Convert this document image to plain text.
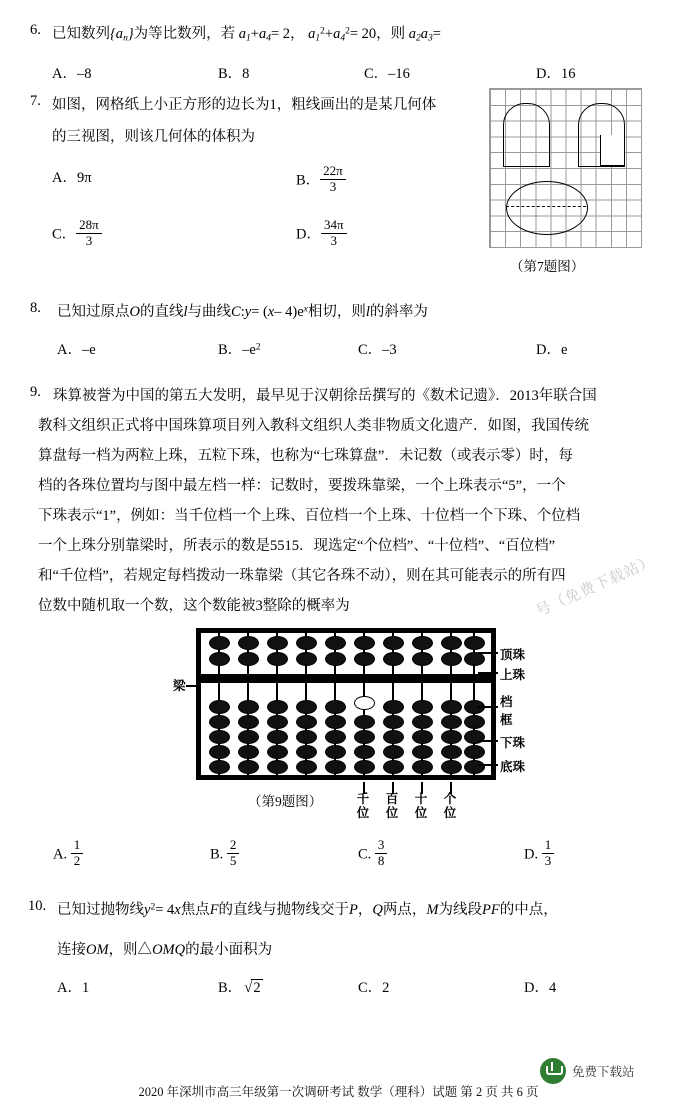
6. 已知数列$\{a_n\}$为等比数列，若 $a_1+a_4= 2$， $a_1^2+a_4^2= 20$，则 $a_2a_3=$
A．–8	B．8	C．–16	D．16
7. 如图，网格纸上小正方形的边长为1，粗线画出的是某几何体
的三视图，则该几何体的体积为
（第7题图）
A．9π	B． $\frac{22\pi}{3}$
C． $\frac{28\pi}{3}$	D． $\frac{34\pi}{3}$
8. 已知过原点O的直线l与曲线C:y= (x– $4)e^x$相切，则l的斜率为
A．–e	B．$-e^2$	C．–3	D．e
9. 珠算被誉为中国的第五大发明，最早见于汉朝徐岳撰写的《数术记遗》．2013年联合国
教科文组织正式将中国珠算项目列入教科文组织人类非物质文化遗产．如图，我国传统
算盘每一档为两粒上珠，五粒下珠，也称为“七珠算盘”．未记数（或表示零）时，每
档的各珠位置均与图中最左档一样：记数时，要拨珠靠梁，一个上珠表示“5”，一个
下珠表示“1”，例如：当千位档一个上珠、百位档一个上珠、十位档一个下珠、个位档
一个上珠分别靠梁时，所表示的数是5515．现选定“个位档”、“十位档”、“百位档”
和“千位档”，若规定每档拨动一珠靠梁（其它各珠不动），则在其可能表示的所有四
位数中随机取一个数，这个数能被3整除的概率为	号（免费下载站）
梁
顶珠
上珠
档
框
下珠
底珠
千位
百位
十位
个位
（第9题图）
A. $\frac{1}{2}$	B. $\frac{2}{5}$	C. $\frac{3}{8}$	D. $\frac{1}{3}$
10. 已知过抛物线$y^2= 4x$焦点F的直线与抛物线交于P，Q两点，M为线段PF的中点，
连接OM，则△OMQ的最小面积为
A．1	B． √2	C．2	D．4
2020 年深圳市高三年级第一次调研考试 数学（理科）试题 第 2 页 共 6 页
免费下载站
